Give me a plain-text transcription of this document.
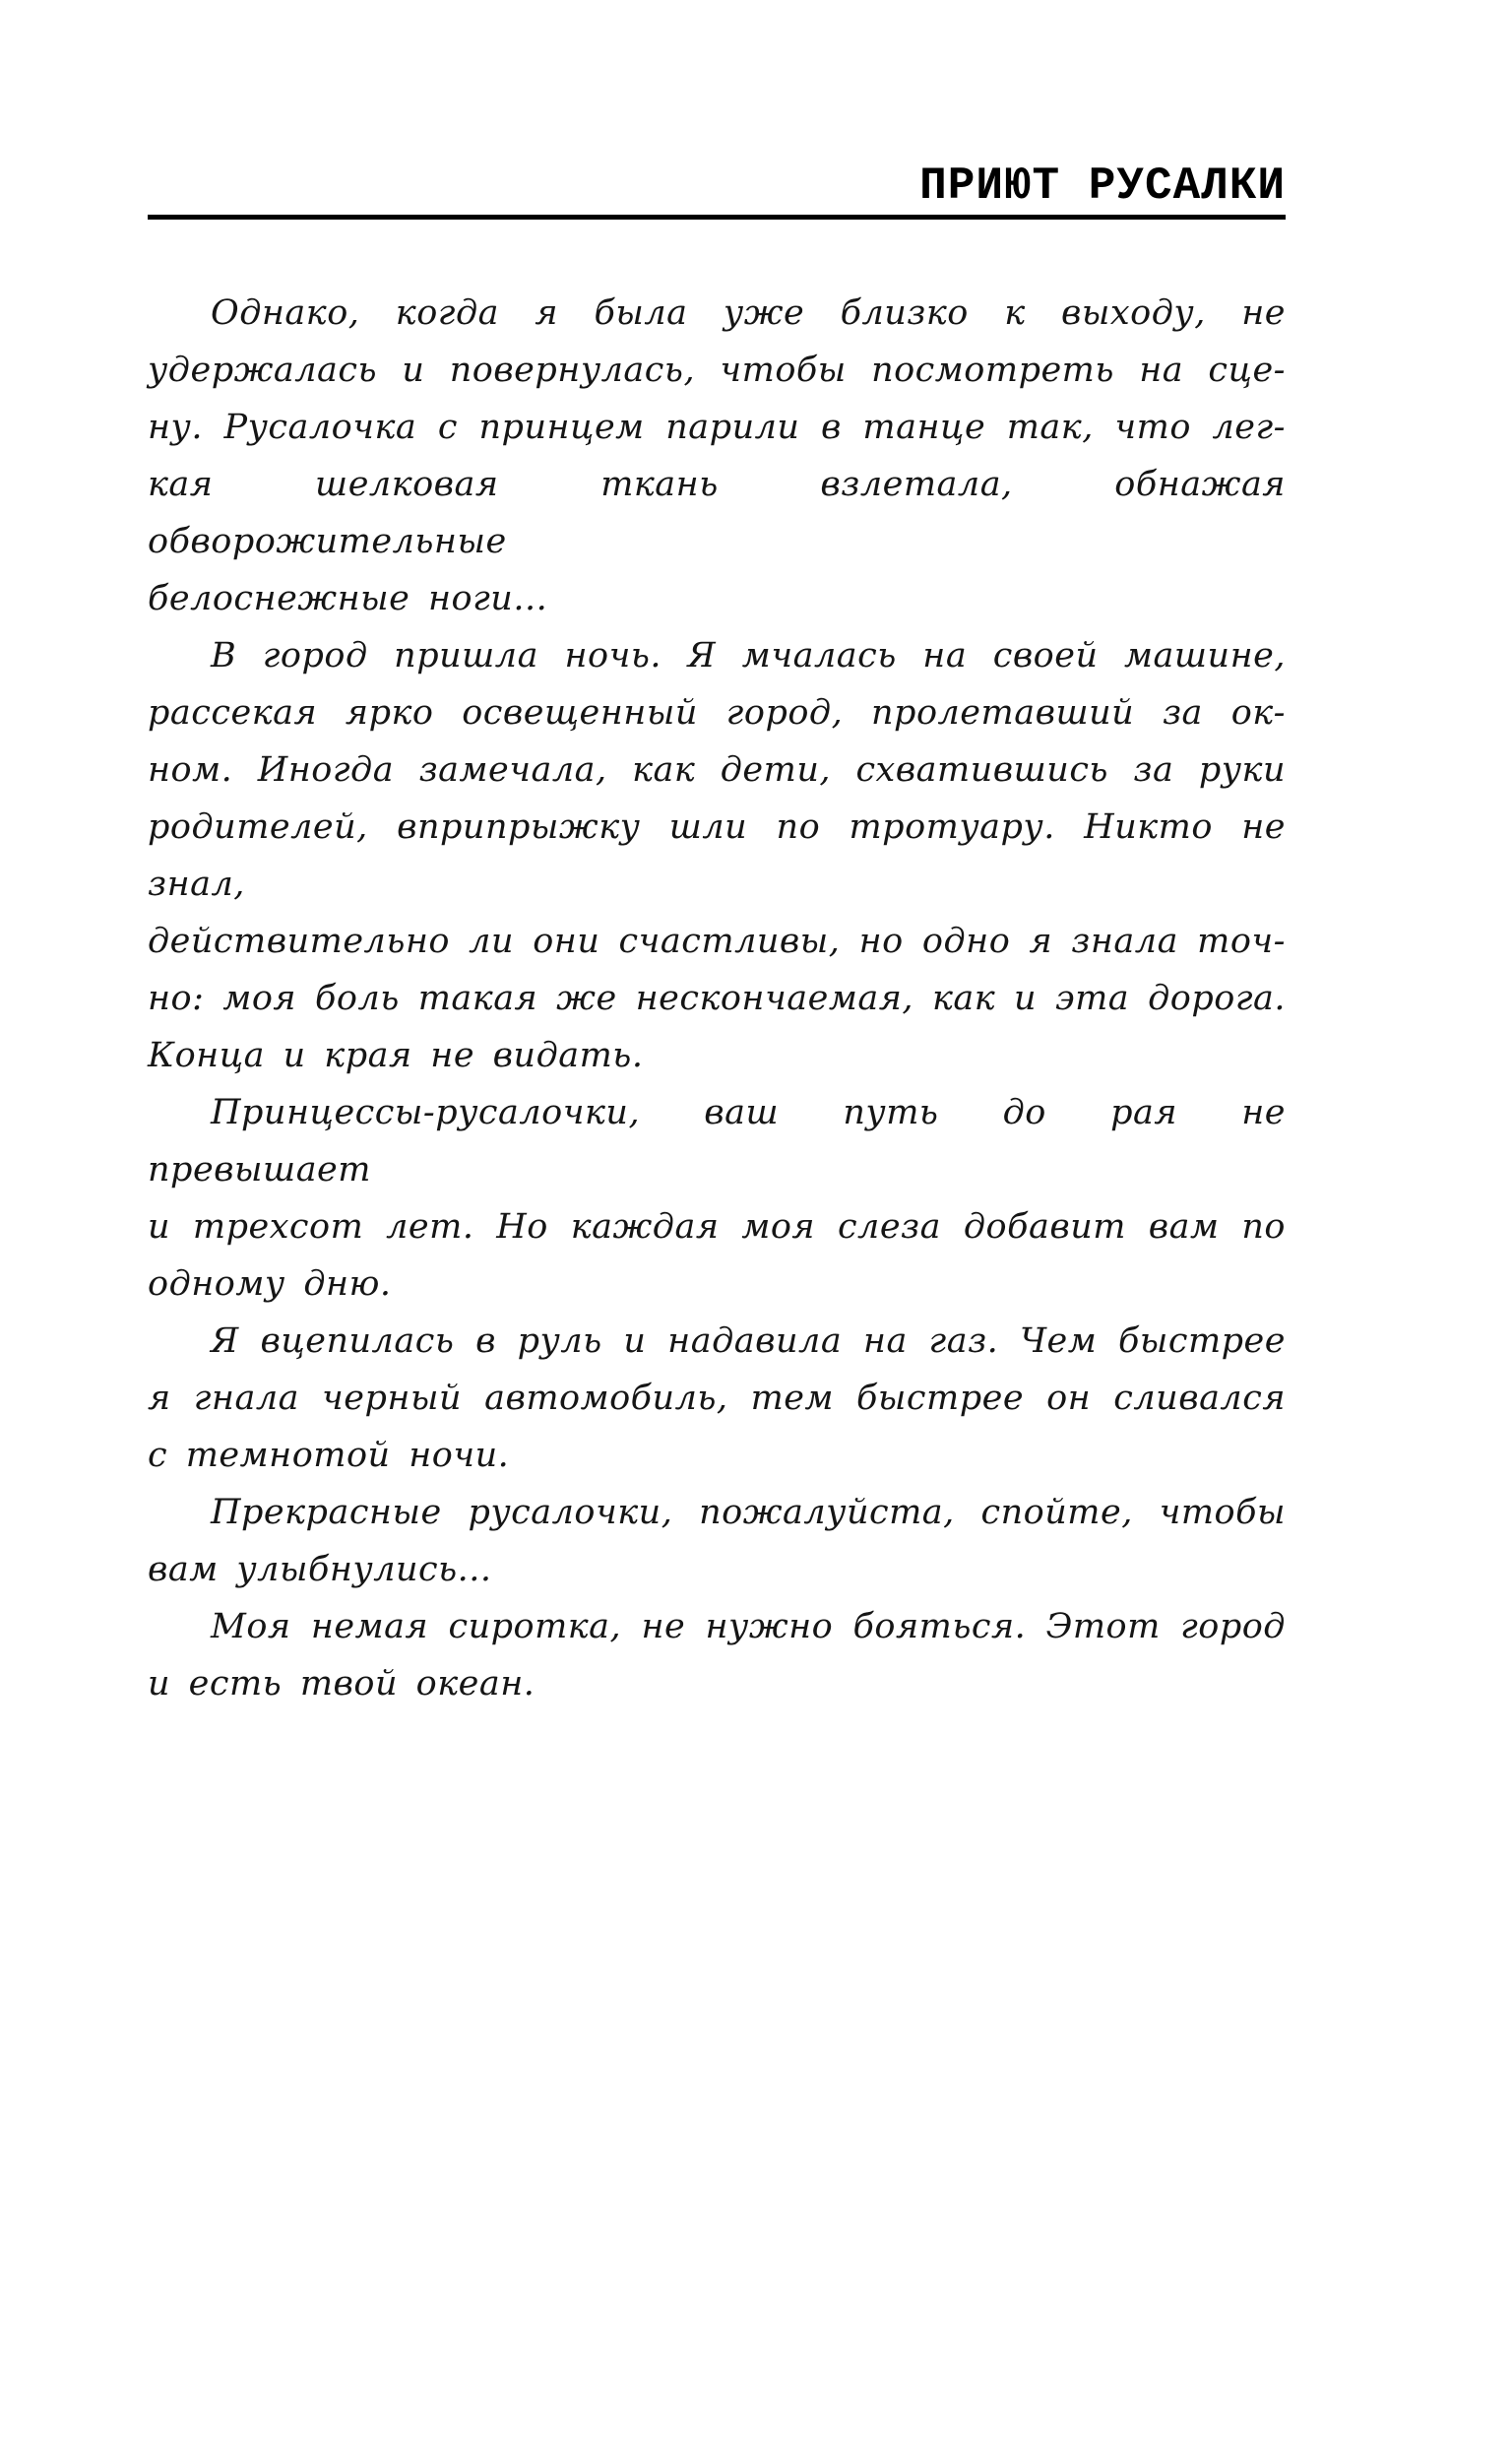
ПРИЮТ РУСАЛКИ
Однако, когда я была уже близко к выходу, не
удержалась и повернулась, чтобы посмотреть на сце-
ну. Русалочка с принцем парили в танце так, что лег-
кая шелковая ткань взлетала, обнажая обворожительные
белоснежные ноги...
В город пришла ночь. Я мчалась на своей машине,
рассекая ярко освещенный город, пролетавший за ок-
ном. Иногда замечала, как дети, схватившись за руки
родителей, вприпрыжку шли по тротуару. Никто не знал,
действительно ли они счастливы, но одно я знала точ-
но: моя боль такая же нескончаемая, как и эта дорога.
Конца и края не видать.
Принцессы-русалочки, ваш путь до рая не превышает
и трехсот лет. Но каждая моя слеза добавит вам по
одному дню.
Я вцепилась в руль и надавила на газ. Чем быстрее
я гнала черный автомобиль, тем быстрее он сливался
с темнотой ночи.
Прекрасные русалочки, пожалуйста, спойте, чтобы
вам улыбнулись...
Моя немая сиротка, не нужно бояться. Этот город
и есть твой океан.
